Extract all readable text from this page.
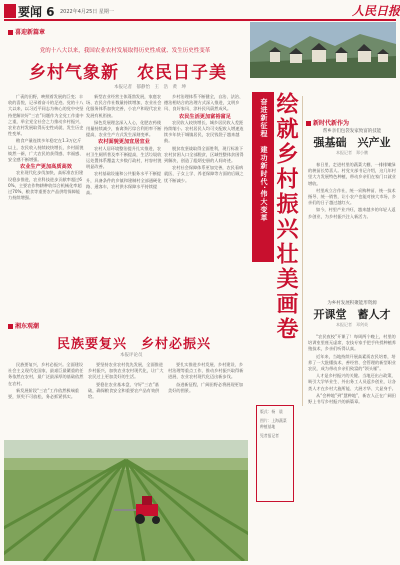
要闻 6 2022年4月25日 星期一	人民日报
喜迎新篇章
党的十八大以来，我国农业农村发展取得历史性成就、发生历史性变革
乡村气象新　农民日子美
本报记者　郁静怡　王　浩　黄　坤

广袤的田野，映照着发展的巨变；丰收的喜悦，记录着奋斗的足迹。党的十八大以来，以习近平同志为核心的党中央坚持把解决好“三农”问题作为全党工作重中之重，举全党全社会之力推动乡村振兴，农业农村发展取得历史性成就、发生历史性变革。

粮食产量连续多年稳定在1.3万亿斤以上，农民收入持续较快增长，乡村面貌焕然一新，广大农民的获得感、幸福感、安全感不断增强。

农业生产更加高质高效

农业现代化步伐加快，高标准农田建设稳步推进，农业科技进步贡献率超过60%，主要农作物耕种收综合机械化率超过70%，粮食等重要农产品供给保障能力持续增强。

新型农业经营主体蓬勃发展，家庭农场、农民合作社数量持续增加，农业社会化服务体系加快完善，小农户和现代农业发展有机衔接。

绿色发展理念深入人心，化肥农药使用量持续减少，畜禽粪污综合利用率不断提高，农业生产方式发生深刻变革。

农村面貌更加宜居宜业

农村人居环境整治提升扎实推进，农村卫生厕所普及率不断提高，生活垃圾收运处置体系覆盖大多数行政村，村容村貌明显改善。

农村基础设施和公共服务水平不断提升，具备条件的乡镇和建制村全部通硬化路、通客车，农村供水保障水平持续提高。

乡村治理体系不断健全，自治、法治、德治相结合的治理方式深入推进，文明乡风、良好家风、淳朴民风蔚然成风。

农民生活更加富裕富足

农民收入较快增长，城乡居民收入差距持续缩小。农村居民人均可支配收入增速连续多年快于城镇居民，农民钱袋子越来越鼓。

脱贫攻坚战取得全面胜利，现行标准下农村贫困人口全部脱贫，区域性整体贫困得到解决，创造了彪炳史册的人间奇迹。

农村社会保障体系更加完善，农民看病就医、子女上学、养老保障等方面的后顾之忧不断减少。	奋进新征程　建功新时代·伟大变革 绘就乡村振兴壮美画卷	新时代新作为
帮乡亲们包袋发家致富的技能
强基础　兴产业
本报记者　郑小鹏

春日里，走进村里的蔬菜大棚，一排排嫩绿的秧苗长势喜人。村党支部书记介绍，这几年村里大力发展特色种植，带动乡亲们在家门口就业增收。

村里成立合作社，统一采购种苗、统一技术指导、统一销售，让小农户也能对接大市场，乡亲们的日子越过越红火。

如今，村里产业兴旺，越来越多的年轻人返乡创业，为乡村振兴注入新活力。

为乡村发展积聚能形资源
开课堂　蓄人才
本报记者　邓剑英

“农民夜校”开课了！每周两个晚上，村里的培训室里座无虚席，农技专家手把手传授种植养殖技术，乡亲们听得认真。

近年来，当地持续开展高素质农民培育，培养了一大批懂技术、善经营、会管理的新型职业农民，成为带动乡亲们致富的“领头雁”。

人才是乡村振兴的关键。当地还出台政策，吸引大学毕业生、外出务工人员返乡创业，让各类人才在乡村大施所能、大展才华、大显身手。

从“会种地”到“慧种地”，新农人正在广阔田野上书写乡村振兴的新篇章。

湘东观潮
民族要复兴　乡村必振兴
本报评论员

民族要复兴，乡村必振兴。全面建设社会主义现代化国家，最艰巨最繁重的任务依然在农村，最广泛最深厚的基础依然在农村。

新发展阶段“三农”工作依然极端重要，须臾不可放松，务必抓紧抓实。

要坚持农业农村优先发展，全面推进乡村振兴，加快农业农村现代化，让广大农民过上更加美好的生活。

要稳住农业基本盘，守好“三农”基础，确保粮食安全和重要农产品有效供给。

要扎实推进乡村发展、乡村建设、乡村治理等重点工作，推动乡村振兴取得新进展、农业农村现代化迈出新步伐。

奋进新征程，广阔田野必将展现更加美好的图景。

版式：杨　晨
图片：上海蔬菜种植基地
见者报记者
